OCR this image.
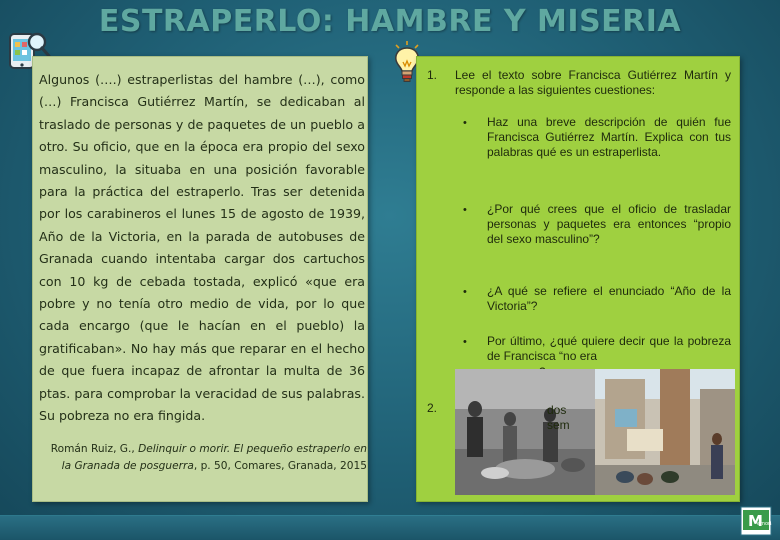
ESTRAPERLO: HAMBRE Y MISERIA
Algunos (….) estraperlistas del hambre (…), como (…) Francisca Gutiérrez Martín, se dedicaban al traslado de personas y de paquetes de un pueblo a otro. Su oficio, que en la época era propio del sexo masculino, la situaba en una posición favorable para la práctica del estraperlo. Tras ser detenida por los carabineros el lunes 15 de agosto de 1939, Año de la Victoria, en la parada de autobuses de Granada cuando intentaba cargar dos cartuchos con 10 kg de cebada tostada, explicó «que era pobre y no tenía otro medio de vida, por lo que cada encargo (que le hacían en el pueblo) la gratificaban». No hay más que reparar en el hecho de que fuera incapaz de afrontar la multa de 36 ptas. para comprobar la veracidad de sus palabras. Su pobreza no era fingida.
Román Ruiz, G., Delinquir o morir. El pequeño estraperlo en la Granada de posguerra, p. 50, Comares, Granada, 2015
1. Lee el texto sobre Francisca Gutiérrez Martín y responde a las siguientes cuestiones:
• Haz una breve descripción de quién fue Francisca Gutiérrez Martín. Explica con tus palabras qué es un estraperlista.
• ¿Por qué crees que el oficio de trasladar personas y paquetes era entonces “propio del sexo masculino”?
• ¿A qué se refiere el enunciado “Año de la Victoria”?
• Por último, ¿qué quiere decir que la pobreza de Francisca “no era
2.	dos
sem
M
emor
